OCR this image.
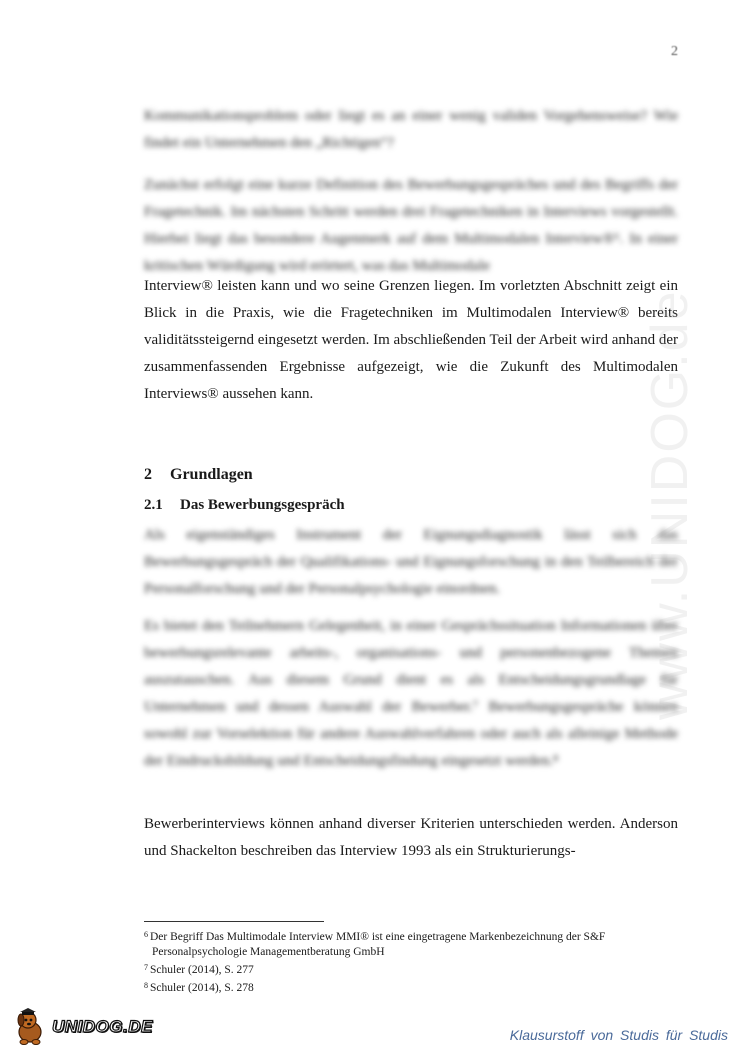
2

Kommunikationsproblem oder liegt es an einer wenig validen Vorgehensweise? Wie findet ein Unternehmen den „Richtigen“?

Zunächst erfolgt eine kurze Definition des Bewerbungsgespräches und des Begriffs der Fragetechnik. Im nächsten Schritt werden drei Fragetechniken in Interviews vorgestellt. Hierbei liegt das besondere Augenmerk auf dem Multimodalen Interview®⁶. In einer kritischen Würdigung wird erörtert, was das Multimodale

Interview® leisten kann und wo seine Grenzen liegen. Im vorletzten Abschnitt zeigt ein Blick in die Praxis, wie die Fragetechniken im Multimodalen Interview® bereits validitätssteigernd eingesetzt werden. Im abschließenden Teil der Arbeit wird anhand der zusammenfassenden Ergebnisse aufgezeigt, wie die Zukunft des Multimodalen Interviews® aussehen kann.

2 Grundlagen
2.1 Das Bewerbungsgespräch

Als eigenständiges Instrument der Eignungsdiagnostik lässt sich das Bewerbungsgespräch der Qualifikations- und Eignungsforschung in den Teilbereich der Personalforschung und der Personalpsychologie einordnen.

Es bietet den Teilnehmern Gelegenheit, in einer Gesprächssituation Informationen über bewerbungsrelevante arbeits-, organisations- und personenbezogene Themen auszutauschen. Aus diesem Grund dient es als Entscheidungsgrundlage für Unternehmen und dessen Auswahl der Bewerber.⁷ Bewerbungsgespräche können sowohl zur Vorselektion für andere Auswahlverfahren oder auch als alleinige Methode der Eindrucksbildung und Entscheidungsfindung eingesetzt werden.⁸

Bewerberinterviews können anhand diverser Kriterien unterschieden werden. Anderson und Shackelton beschreiben das Interview 1993 als ein Strukturierungs-

$^6$ Der Begriff Das Multimodale Interview MMI® ist eine eingetragene Markenbezeichnung der S&F
Personalpsychologie Managementberatung GmbH
$^7$ Schuler (2014), S. 277
$^8$ Schuler (2014), S. 278
www.UNIDOG.de
UNIDOG.DE	Klausurstoff von Studis für Studis
